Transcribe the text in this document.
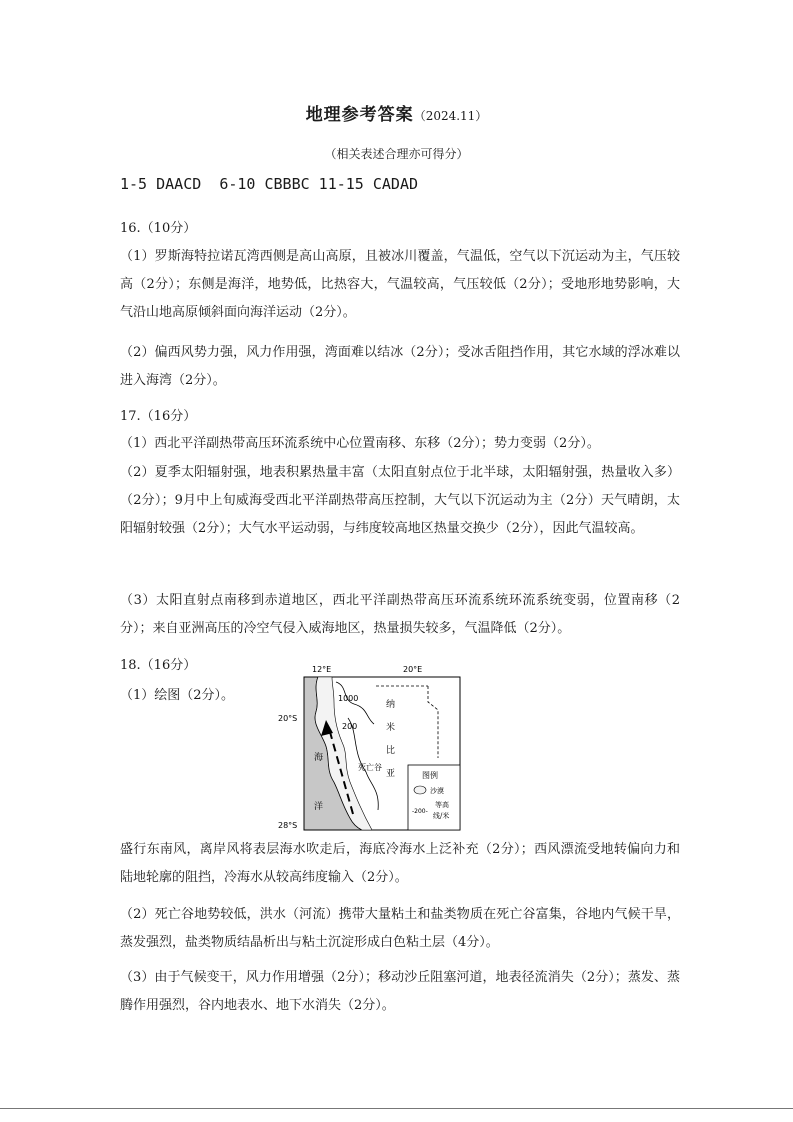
地理参考答案（2024.11）
（相关表述合理亦可得分）
1-5 DAACD  6-10 CBBBC 11-15 CADAD
16.（10分）
（1）罗斯海特拉诺瓦湾西侧是高山高原，且被冰川覆盖，气温低，空气以下沉运动为主，气压较高（2分）；东侧是海洋，地势低，比热容大，气温较高，气压较低（2分）；受地形地势影响，大气沿山地高原倾斜面向海洋运动（2分）。
（2）偏西风势力强，风力作用强，湾面难以结冰（2分）；受冰舌阻挡作用，其它水域的浮冰难以进入海湾（2分）。
17.（16分）
（1）西北平洋副热带高压环流系统中心位置南移、东移（2分）；势力变弱（2分）。
（2）夏季太阳辐射强，地表积累热量丰富（太阳直射点位于北半球，太阳辐射强，热量收入多）（2分）；9月中上旬威海受西北平洋副热带高压控制，大气以下沉运动为主（2分）天气晴朗，太阳辐射较强（2分）；大气水平运动弱，与纬度较高地区热量交换少（2分），因此气温较高。
（3）太阳直射点南移到赤道地区，西北平洋副热带高压环流系统环流系统变弱，位置南移（2分）；来自亚洲高压的冷空气侵入威海地区，热量损失较多，气温降低（2分）。
18.（16分）
（1）绘图（2分）。
12°E	20°E
20°S
28°S
1000
200
纳
米
比
亚
海
洋
死亡谷
图例
沙漠
-200-
等高
线/米
盛行东南风，离岸风将表层海水吹走后，海底冷海水上泛补充（2分）；西风漂流受地转偏向力和陆地轮廓的阻挡，冷海水从较高纬度输入（2分）。
（2）死亡谷地势较低，洪水（河流）携带大量粘土和盐类物质在死亡谷富集，谷地内气候干旱，蒸发强烈，盐类物质结晶析出与粘土沉淀形成白色粘土层（4分）。
（3）由于气候变干，风力作用增强（2分）；移动沙丘阻塞河道，地表径流消失（2分）；蒸发、蒸腾作用强烈，谷内地表水、地下水消失（2分）。
